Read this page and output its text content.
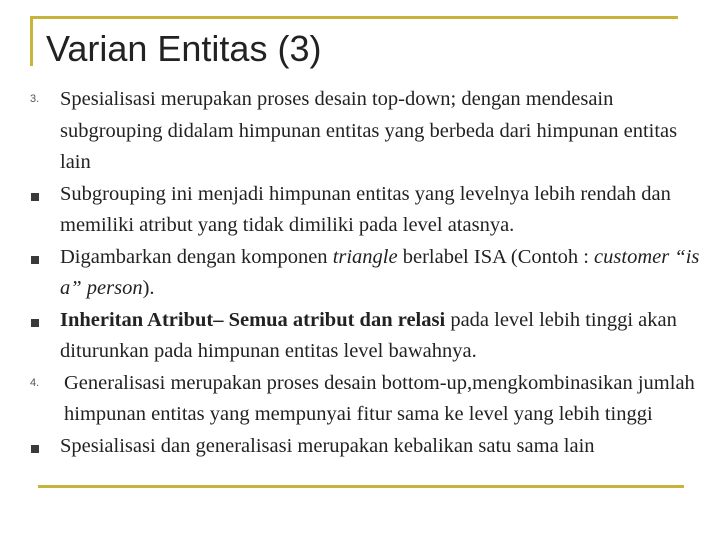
Varian Entitas (3)
3.	Spesialisasi merupakan proses desain top-down; dengan mendesain subgrouping didalam himpunan entitas yang berbeda dari himpunan entitas lain
Subgrouping ini menjadi himpunan entitas yang levelnya lebih rendah dan memiliki atribut yang tidak dimiliki pada level atasnya.
Digambarkan dengan komponen triangle berlabel ISA (Contoh : customer “is a” person).
Inheritan Atribut– Semua atribut dan relasi pada level lebih tinggi akan diturunkan pada himpunan entitas level bawahnya.
4.	Generalisasi merupakan proses desain bottom-up,mengkombinasikan jumlah himpunan entitas yang mempunyai fitur sama ke level yang lebih tinggi
Spesialisasi dan generalisasi merupakan kebalikan satu sama lain
